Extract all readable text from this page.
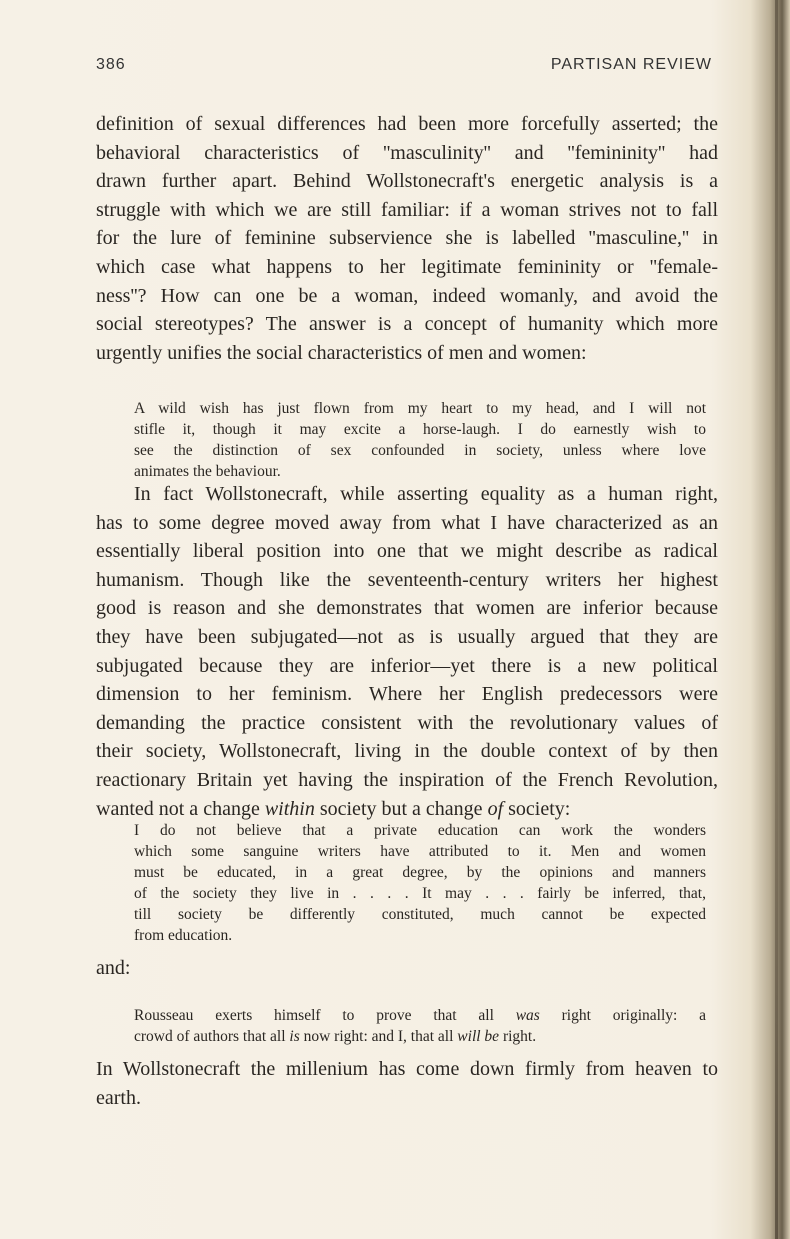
386	PARTISAN REVIEW
definition of sexual differences had been more forcefully asserted; the
behavioral characteristics of ''masculinity'' and ''femininity'' had
drawn further apart. Behind Wollstonecraft's energetic analysis is a
struggle with which we are still familiar: if a woman strives not to fall
for the lure of feminine subservience she is labelled ''masculine,'' in
which case what happens to her legitimate femininity or ''female-
ness''? How can one be a woman, indeed womanly, and avoid the
social stereotypes? The answer is a concept of humanity which more
urgently unifies the social characteristics of men and women:
A wild wish has just flown from my heart to my head, and I will not
stifle it, though it may excite a horse-laugh. I do earnestly wish to
see the distinction of sex confounded in society, unless where love
animates the behaviour.
In fact Wollstonecraft, while asserting equality as a human right,
has to some degree moved away from what I have characterized as an
essentially liberal position into one that we might describe as radical
humanism. Though like the seventeenth-century writers her highest
good is reason and she demonstrates that women are inferior because
they have been subjugated—not as is usually argued that they are
subjugated because they are inferior—yet there is a new political
dimension to her feminism. Where her English predecessors were
demanding the practice consistent with the revolutionary values of
their society, Wollstonecraft, living in the double context of by then
reactionary Britain yet having the inspiration of the French Revolution,
wanted not a change within society but a change of society:
I do not believe that a private education can work the wonders
which some sanguine writers have attributed to it. Men and women
must be educated, in a great degree, by the opinions and manners
of the society they live in . . . . It may . . . fairly be inferred, that,
till society be differently constituted, much cannot be expected
from education.
and:
Rousseau exerts himself to prove that all was right originally: a
crowd of authors that all is now right: and I, that all will be right.
In Wollstonecraft the millenium has come down firmly from heaven to
earth.
